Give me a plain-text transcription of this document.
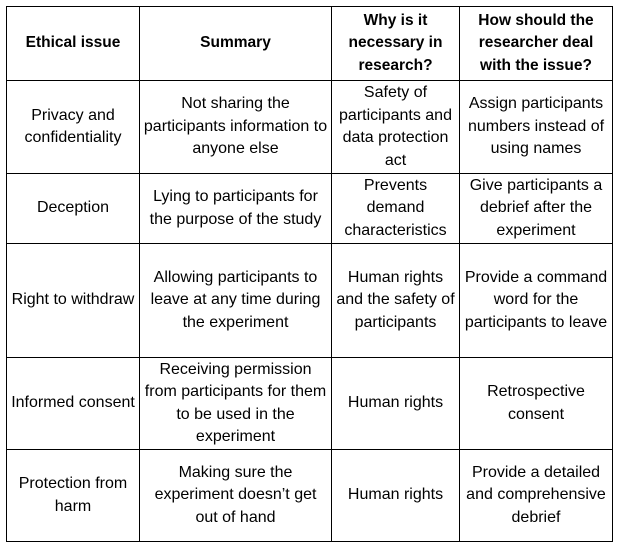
Ethical issue	Summary	Why is it necessary in research?	How should the researcher deal with the issue?
Privacy and confidentiality	Not sharing the participants information to anyone else	Safety of participants and data protection act	Assign participants numbers instead of using names
Deception	Lying to participants for the purpose of the study	Prevents demand characteristics	Give participants a debrief after the experiment
Right to withdraw	Allowing participants to leave at any time during the experiment	Human rights and the safety of participants	Provide a command word for the participants to leave
Informed consent	Receiving permission from participants for them to be used in the experiment	Human rights	Retrospective consent
Protection from harm	Making sure the experiment doesn’t get out of hand	Human rights	Provide a detailed and comprehensive debrief
